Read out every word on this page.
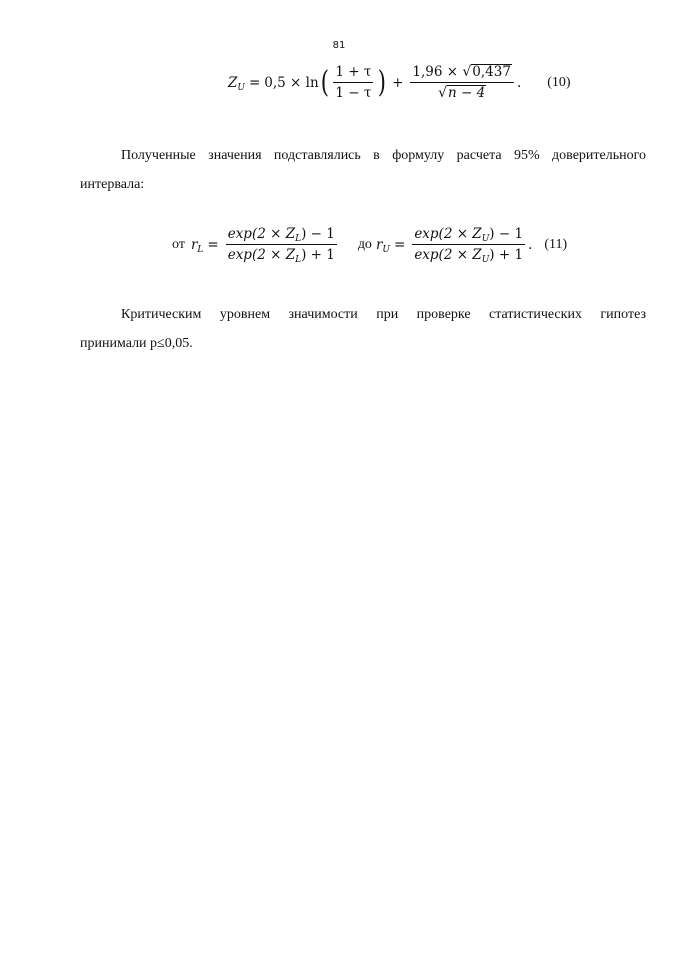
81
$Z_U = 0,5 \times \ln$ ( $\frac{1 + \tau}{1 - \tau}$ ) + $\frac{1,96 \times √ 0,437}{√ n - 4}$ . (10)
Полученные значения подставлялись в формулу расчета 95% доверительного
интервала:
от $r_L = \frac{\exp(2 \times Z_L) - 1}{\exp(2 \times Z_L) + 1}$ до $r_U = \frac{\exp(2 \times Z_U) - 1}{\exp(2 \times Z_U) + 1}$ . (11)
Критическим уровнем значимости при проверке статистических гипотез
принимали p≤0,05.
